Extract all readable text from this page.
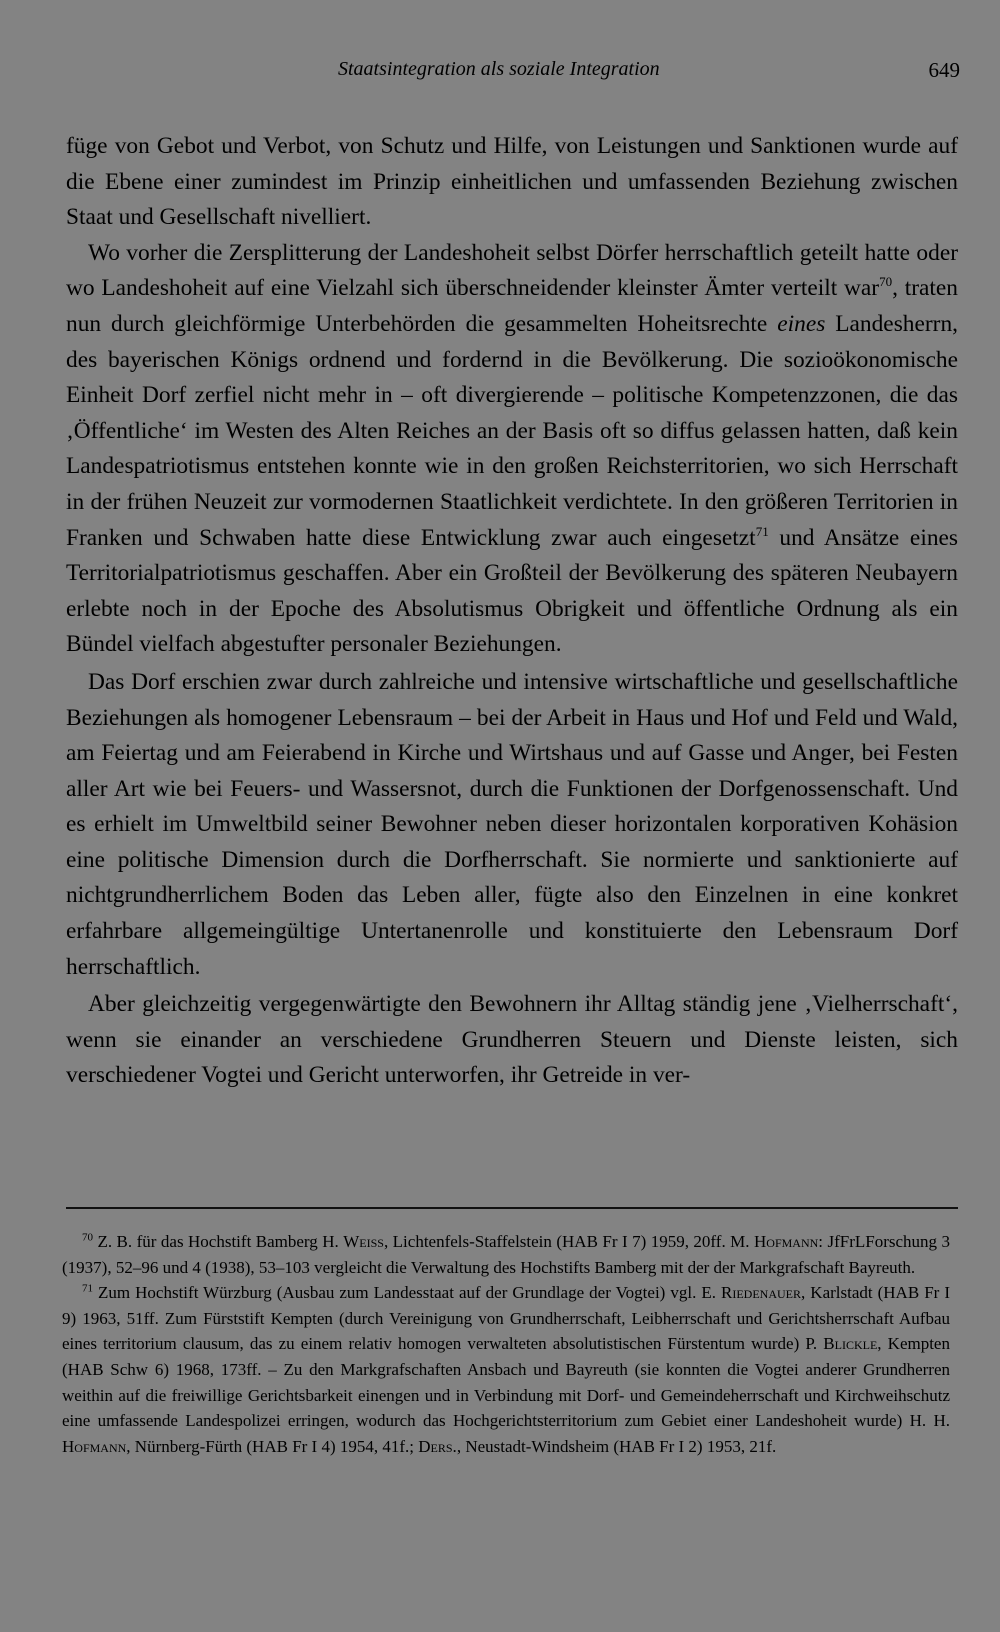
Staatsintegration als soziale Integration	649

füge von Gebot und Verbot, von Schutz und Hilfe, von Leistungen und Sanktionen wurde auf die Ebene einer zumindest im Prinzip einheitlichen und umfassenden Beziehung zwischen Staat und Gesellschaft nivelliert.

Wo vorher die Zersplitterung der Landeshoheit selbst Dörfer herrschaftlich geteilt hatte oder wo Landeshoheit auf eine Vielzahl sich überschneidender kleinster Ämter verteilt war$^{70}$, traten nun durch gleichförmige Unterbehörden die gesammelten Hoheitsrechte eines Landesherrn, des bayerischen Königs ordnend und fordernd in die Bevölkerung. Die sozioökonomische Einheit Dorf zerfiel nicht mehr in – oft divergierende – politische Kompetenzzonen, die das ‚Öffentliche‘ im Westen des Alten Reiches an der Basis oft so diffus gelassen hatten, daß kein Landespatriotismus entstehen konnte wie in den großen Reichsterritorien, wo sich Herrschaft in der frühen Neuzeit zur vormodernen Staatlichkeit verdichtete. In den größeren Territorien in Franken und Schwaben hatte diese Entwicklung zwar auch eingesetzt$^{71}$ und Ansätze eines Territorialpatriotismus geschaffen. Aber ein Großteil der Bevölkerung des späteren Neubayern erlebte noch in der Epoche des Absolutismus Obrigkeit und öffentliche Ordnung als ein Bündel vielfach abgestufter personaler Beziehungen.

Das Dorf erschien zwar durch zahlreiche und intensive wirtschaftliche und gesellschaftliche Beziehungen als homogener Lebensraum – bei der Arbeit in Haus und Hof und Feld und Wald, am Feiertag und am Feierabend in Kirche und Wirtshaus und auf Gasse und Anger, bei Festen aller Art wie bei Feuers- und Wassersnot, durch die Funktionen der Dorfgenossenschaft. Und es erhielt im Umweltbild seiner Bewohner neben dieser horizontalen korporativen Kohäsion eine politische Dimension durch die Dorfherrschaft. Sie normierte und sanktionierte auf nichtgrundherrlichem Boden das Leben aller, fügte also den Einzelnen in eine konkret erfahrbare allgemeingültige Untertanenrolle und konstituierte den Lebensraum Dorf herrschaftlich.

Aber gleichzeitig vergegenwärtigte den Bewohnern ihr Alltag ständig jene ‚Vielherrschaft‘, wenn sie einander an verschiedene Grundherren Steuern und Dienste leisten, sich verschiedener Vogtei und Gericht unterworfen, ihr Getreide in ver-

$^{70}$ Z. B. für das Hochstift Bamberg H. Weiss, Lichtenfels-Staffelstein (HAB Fr I 7) 1959, 20ff. M. Hofmann: JfFrLForschung 3 (1937), 52–96 und 4 (1938), 53–103 vergleicht die Verwaltung des Hochstifts Bamberg mit der der Markgrafschaft Bayreuth.

$^{71}$ Zum Hochstift Würzburg (Ausbau zum Landesstaat auf der Grundlage der Vogtei) vgl. E. Riedenauer, Karlstadt (HAB Fr I 9) 1963, 51ff. Zum Fürststift Kempten (durch Vereinigung von Grundherrschaft, Leibherrschaft und Gerichtsherrschaft Aufbau eines territorium clausum, das zu einem relativ homogen verwalteten absolutistischen Fürstentum wurde) P. Blickle, Kempten (HAB Schw 6) 1968, 173ff. – Zu den Markgrafschaften Ansbach und Bayreuth (sie konnten die Vogtei anderer Grundherren weithin auf die freiwillige Gerichtsbarkeit einengen und in Verbindung mit Dorf- und Gemeindeherrschaft und Kirchweihschutz eine umfassende Landespolizei erringen, wodurch das Hochgerichtsterritorium zum Gebiet einer Landeshoheit wurde) H. H. Hofmann, Nürnberg-Fürth (HAB Fr I 4) 1954, 41f.; Ders., Neustadt-Windsheim (HAB Fr I 2) 1953, 21f.
